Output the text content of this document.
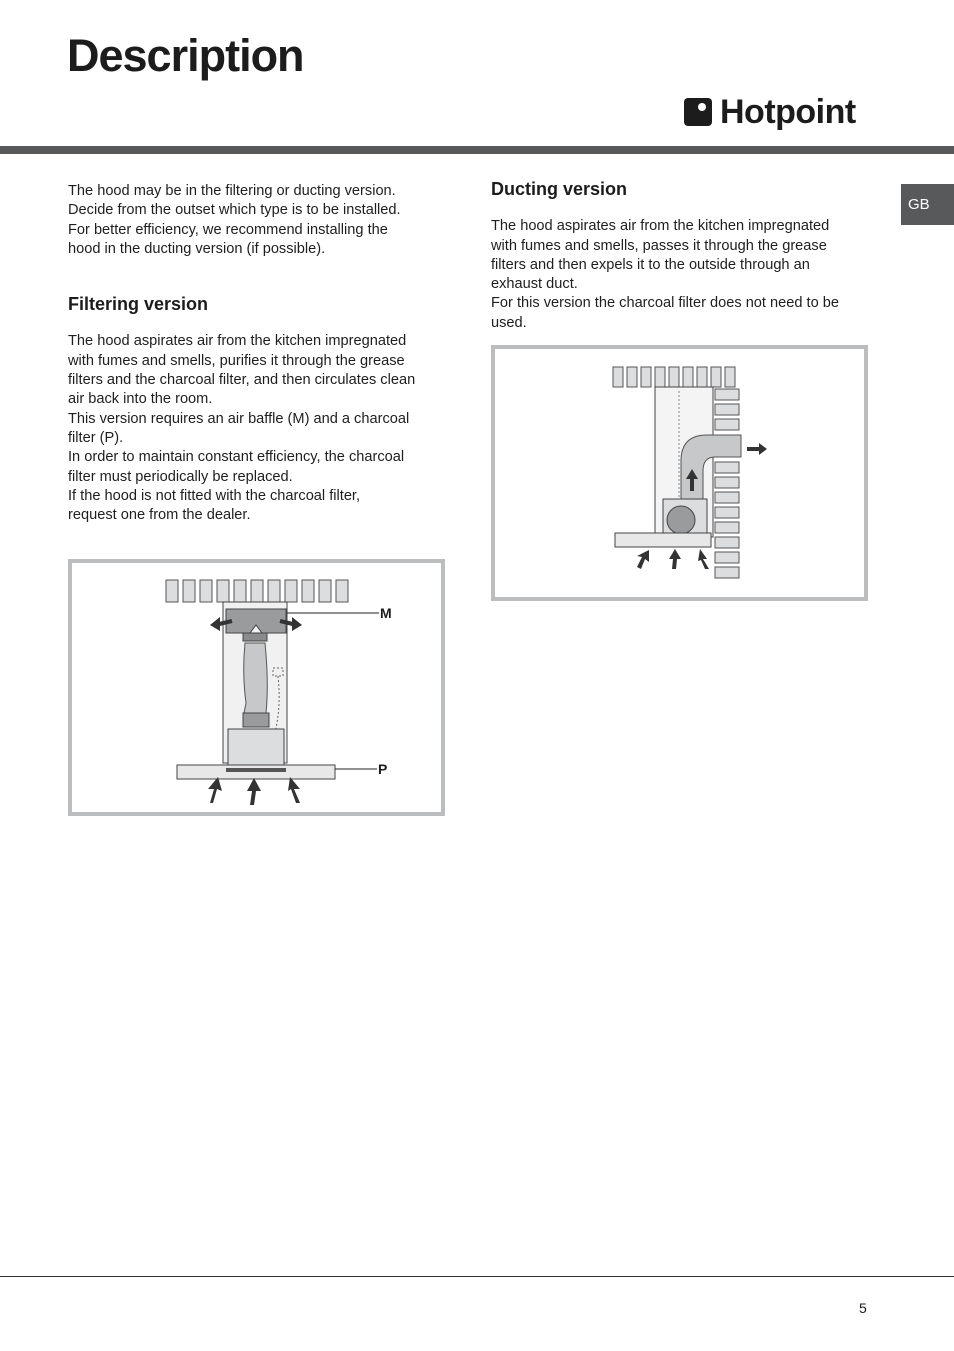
Description
Hotpoint
GB

The hood may be in the filtering or ducting version.

Decide from the outset which type is to be installed.

For better efficiency, we recommend installing the

hood in the ducting version (if possible).

Filtering version

The hood aspirates air from the kitchen impregnated

with fumes and smells, purifies it through the grease

filters and the charcoal filter, and then circulates clean

air back into the room.

This version requires an air baffle (M) and a charcoal

filter (P).

In order to maintain constant efficiency, the charcoal

filter must periodically be replaced.

If the hood is not fitted with the charcoal filter,

request one from the dealer.

M
P
Ducting version

The hood aspirates air from the kitchen impregnated

with fumes and smells, passes it through the grease

filters and then expels it to the outside through an

exhaust duct.

For this version the charcoal filter does not need to be

used.

5
